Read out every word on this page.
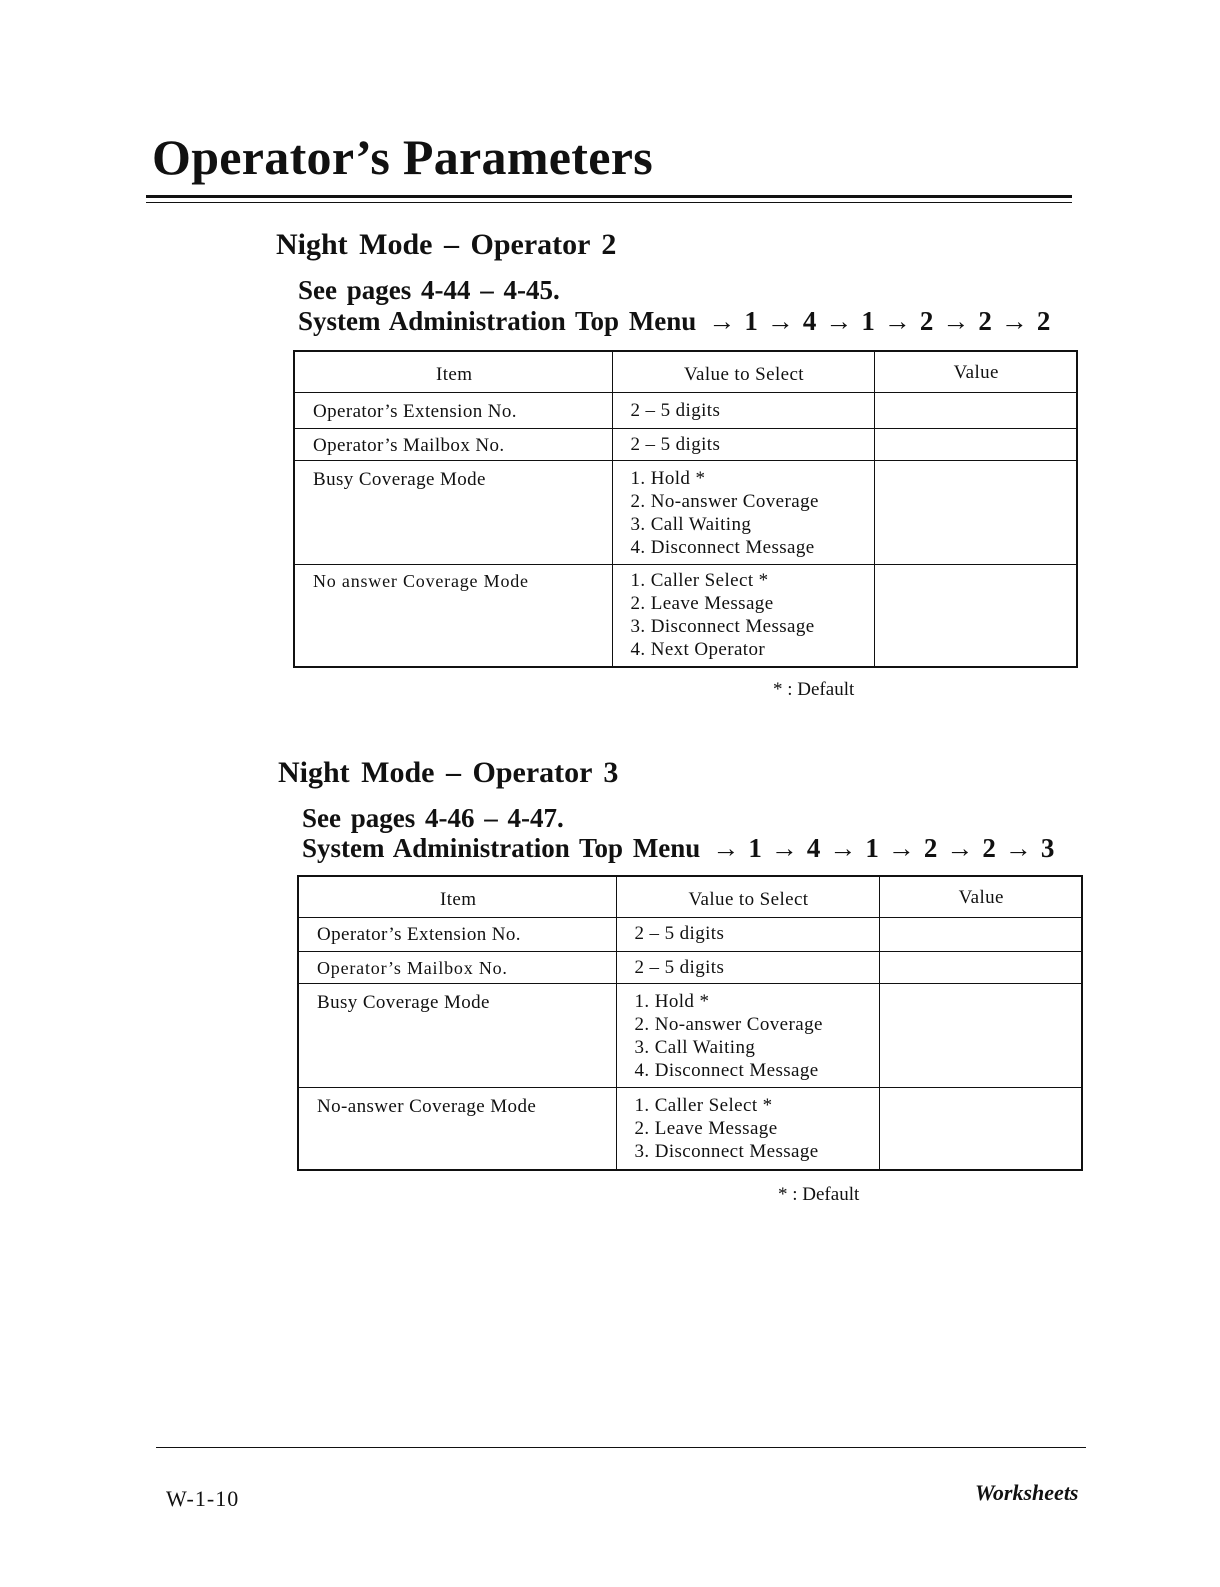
Operator’s Parameters
Night Mode – Operator 2
See pages 4-44 – 4-45.
System Administration Top Menu → 1 → 4 → 1 → 2 → 2 → 2
Item	Value to Select	Value
Operator’s Extension No.	2 – 5 digits	

Operator’s Mailbox No.	2 – 5 digits	

Busy Coverage Mode	1. Hold *
2. No-answer Coverage
3. Call Waiting
4. Disconnect Message	

No answer Coverage Mode	1. Caller Select *
2. Leave Message
3. Disconnect Message
4. Next Operator	

* : Default
Night Mode – Operator 3
See pages 4-46 – 4-47.
System Administration Top Menu → 1 → 4 → 1 → 2 → 2 → 3
Item	Value to Select	Value
Operator’s Extension No.	2 – 5 digits	

Operator’s Mailbox No.	2 – 5 digits	

Busy Coverage Mode	1. Hold *
2. No-answer Coverage
3. Call Waiting
4. Disconnect Message	

No-answer Coverage Mode	1. Caller Select *
2. Leave Message
3. Disconnect Message	

* : Default
W-1-10	Worksheets
